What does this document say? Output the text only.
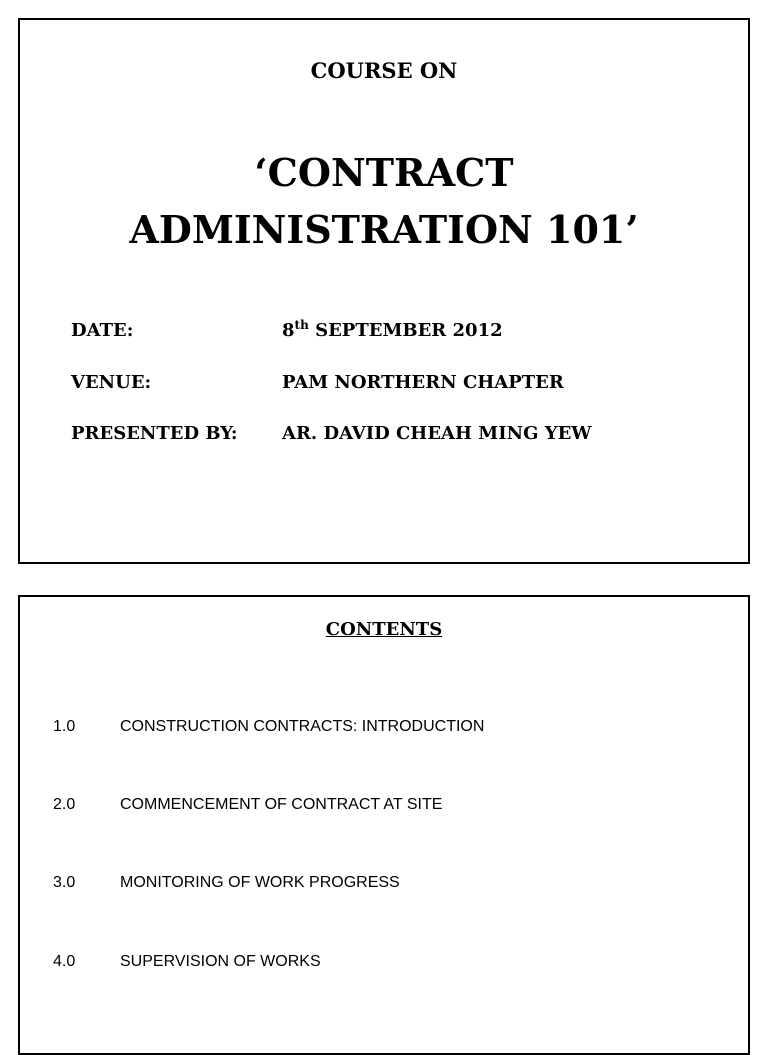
COURSE ON
‘CONTRACT
ADMINISTRATION 101’
DATE:	8th SEPTEMBER 2012
VENUE:	PAM NORTHERN CHAPTER
PRESENTED BY: AR. DAVID CHEAH MING YEW
CONTENTS
1.0	CONSTRUCTION CONTRACTS: INTRODUCTION
2.0	COMMENCEMENT OF CONTRACT AT SITE
3.0	MONITORING OF WORK PROGRESS
4.0	SUPERVISION OF WORKS
